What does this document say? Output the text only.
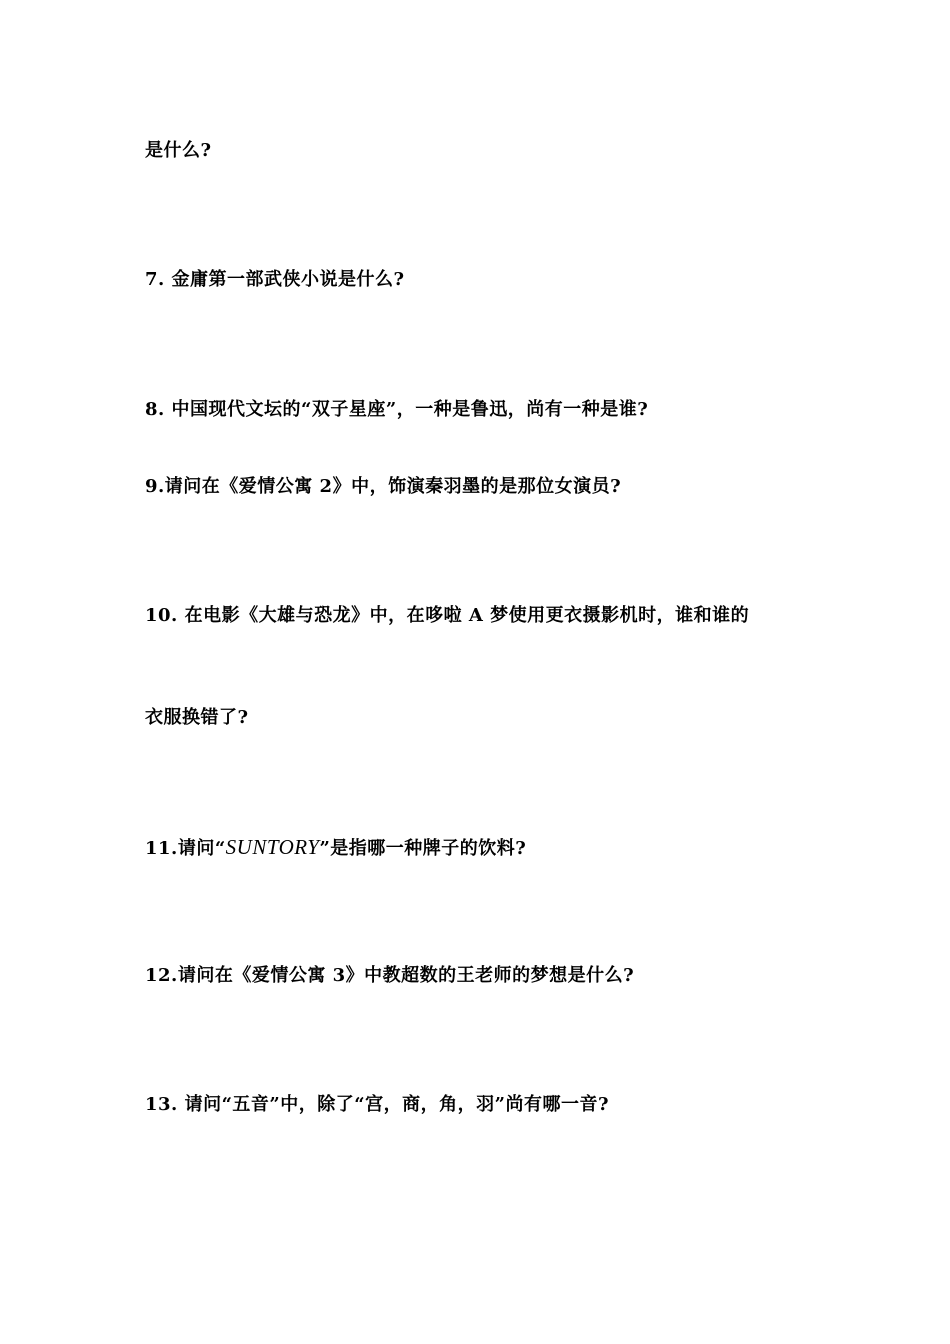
是什么?
7. 金庸第一部武侠小说是什么?
8. 中国现代文坛的“双子星座”，一种是鲁迅，尚有一种是谁?
9.请问在《爱情公寓 2》中，饰演秦羽墨的是那位女演员?
10. 在电影《大雄与恐龙》中，在哆啦 A 梦使用更衣摄影机时，谁和谁的
衣服换错了?
11.请问“SUNTORY”是指哪一种牌子的饮料?
12.请问在《爱情公寓 3》中教超数的王老师的梦想是什么?
13. 请问“五音”中，除了“宫，商，角，羽”尚有哪一音?
